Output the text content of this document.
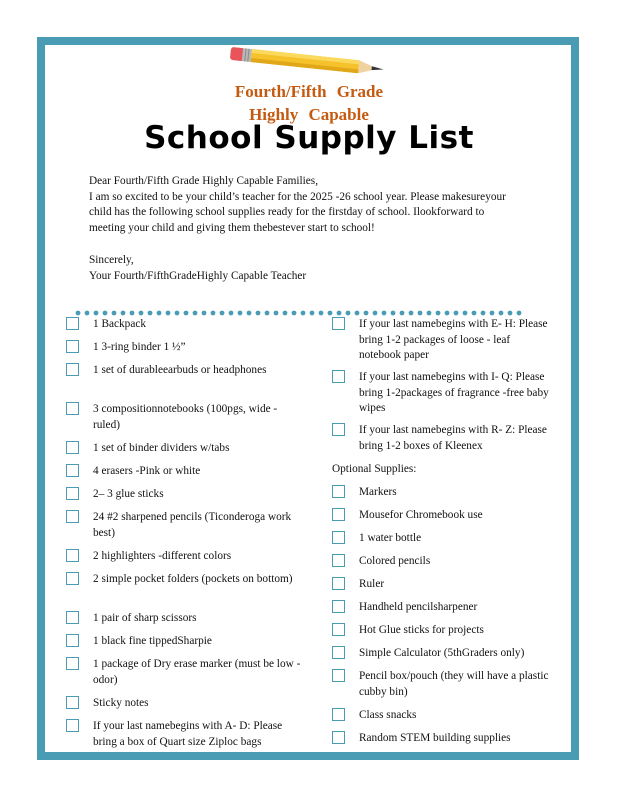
Fourth/Fifth Grade
Highly Capable
School Supply List

Dear Fourth/Fifth Grade Highly Capable Families,

I am so excited to be your child’s teacher for the 2025 -26 school year. Please makesureyour child has the following school supplies ready for the firstday of school. Ilookforward to meeting your child and giving them thebestever start to school!

Sincerely,

Your Fourth/FifthGradeHighly Capable Teacher

1 Backpack
1 3-ring binder 1 ½”
1 set of durableearbuds or headphones
3 compositionnotebooks (100pgs, wide -ruled)
1 set of binder dividers w/tabs
4 erasers -Pink or white
2– 3 glue sticks
24 #2 sharpened pencils (Ticonderoga work best)
2 highlighters -different colors
2 simple pocket folders (pockets on bottom)
1 pair of sharp scissors
1 black fine tippedSharpie
1 package of Dry erase marker (must be low -odor)
Sticky notes
If your last namebegins with A- D: Please bring a box of Quart size Ziploc bags
If your last namebegins with E- H: Please bring 1-2 packages of loose - leaf notebook paper
If your last namebegins with I- Q: Please bring 1-2packages of fragrance -free baby wipes
If your last namebegins with R- Z: Please bring 1-2 boxes of Kleenex
Optional Supplies:
Markers
Mousefor Chromebook use
1 water bottle
Colored pencils
Ruler
Handheld pencilsharpener
Hot Glue sticks for projects
Simple Calculator (5thGraders only)
Pencil box/pouch (they will have a plastic cubby bin)
Class snacks
Random STEM building supplies
